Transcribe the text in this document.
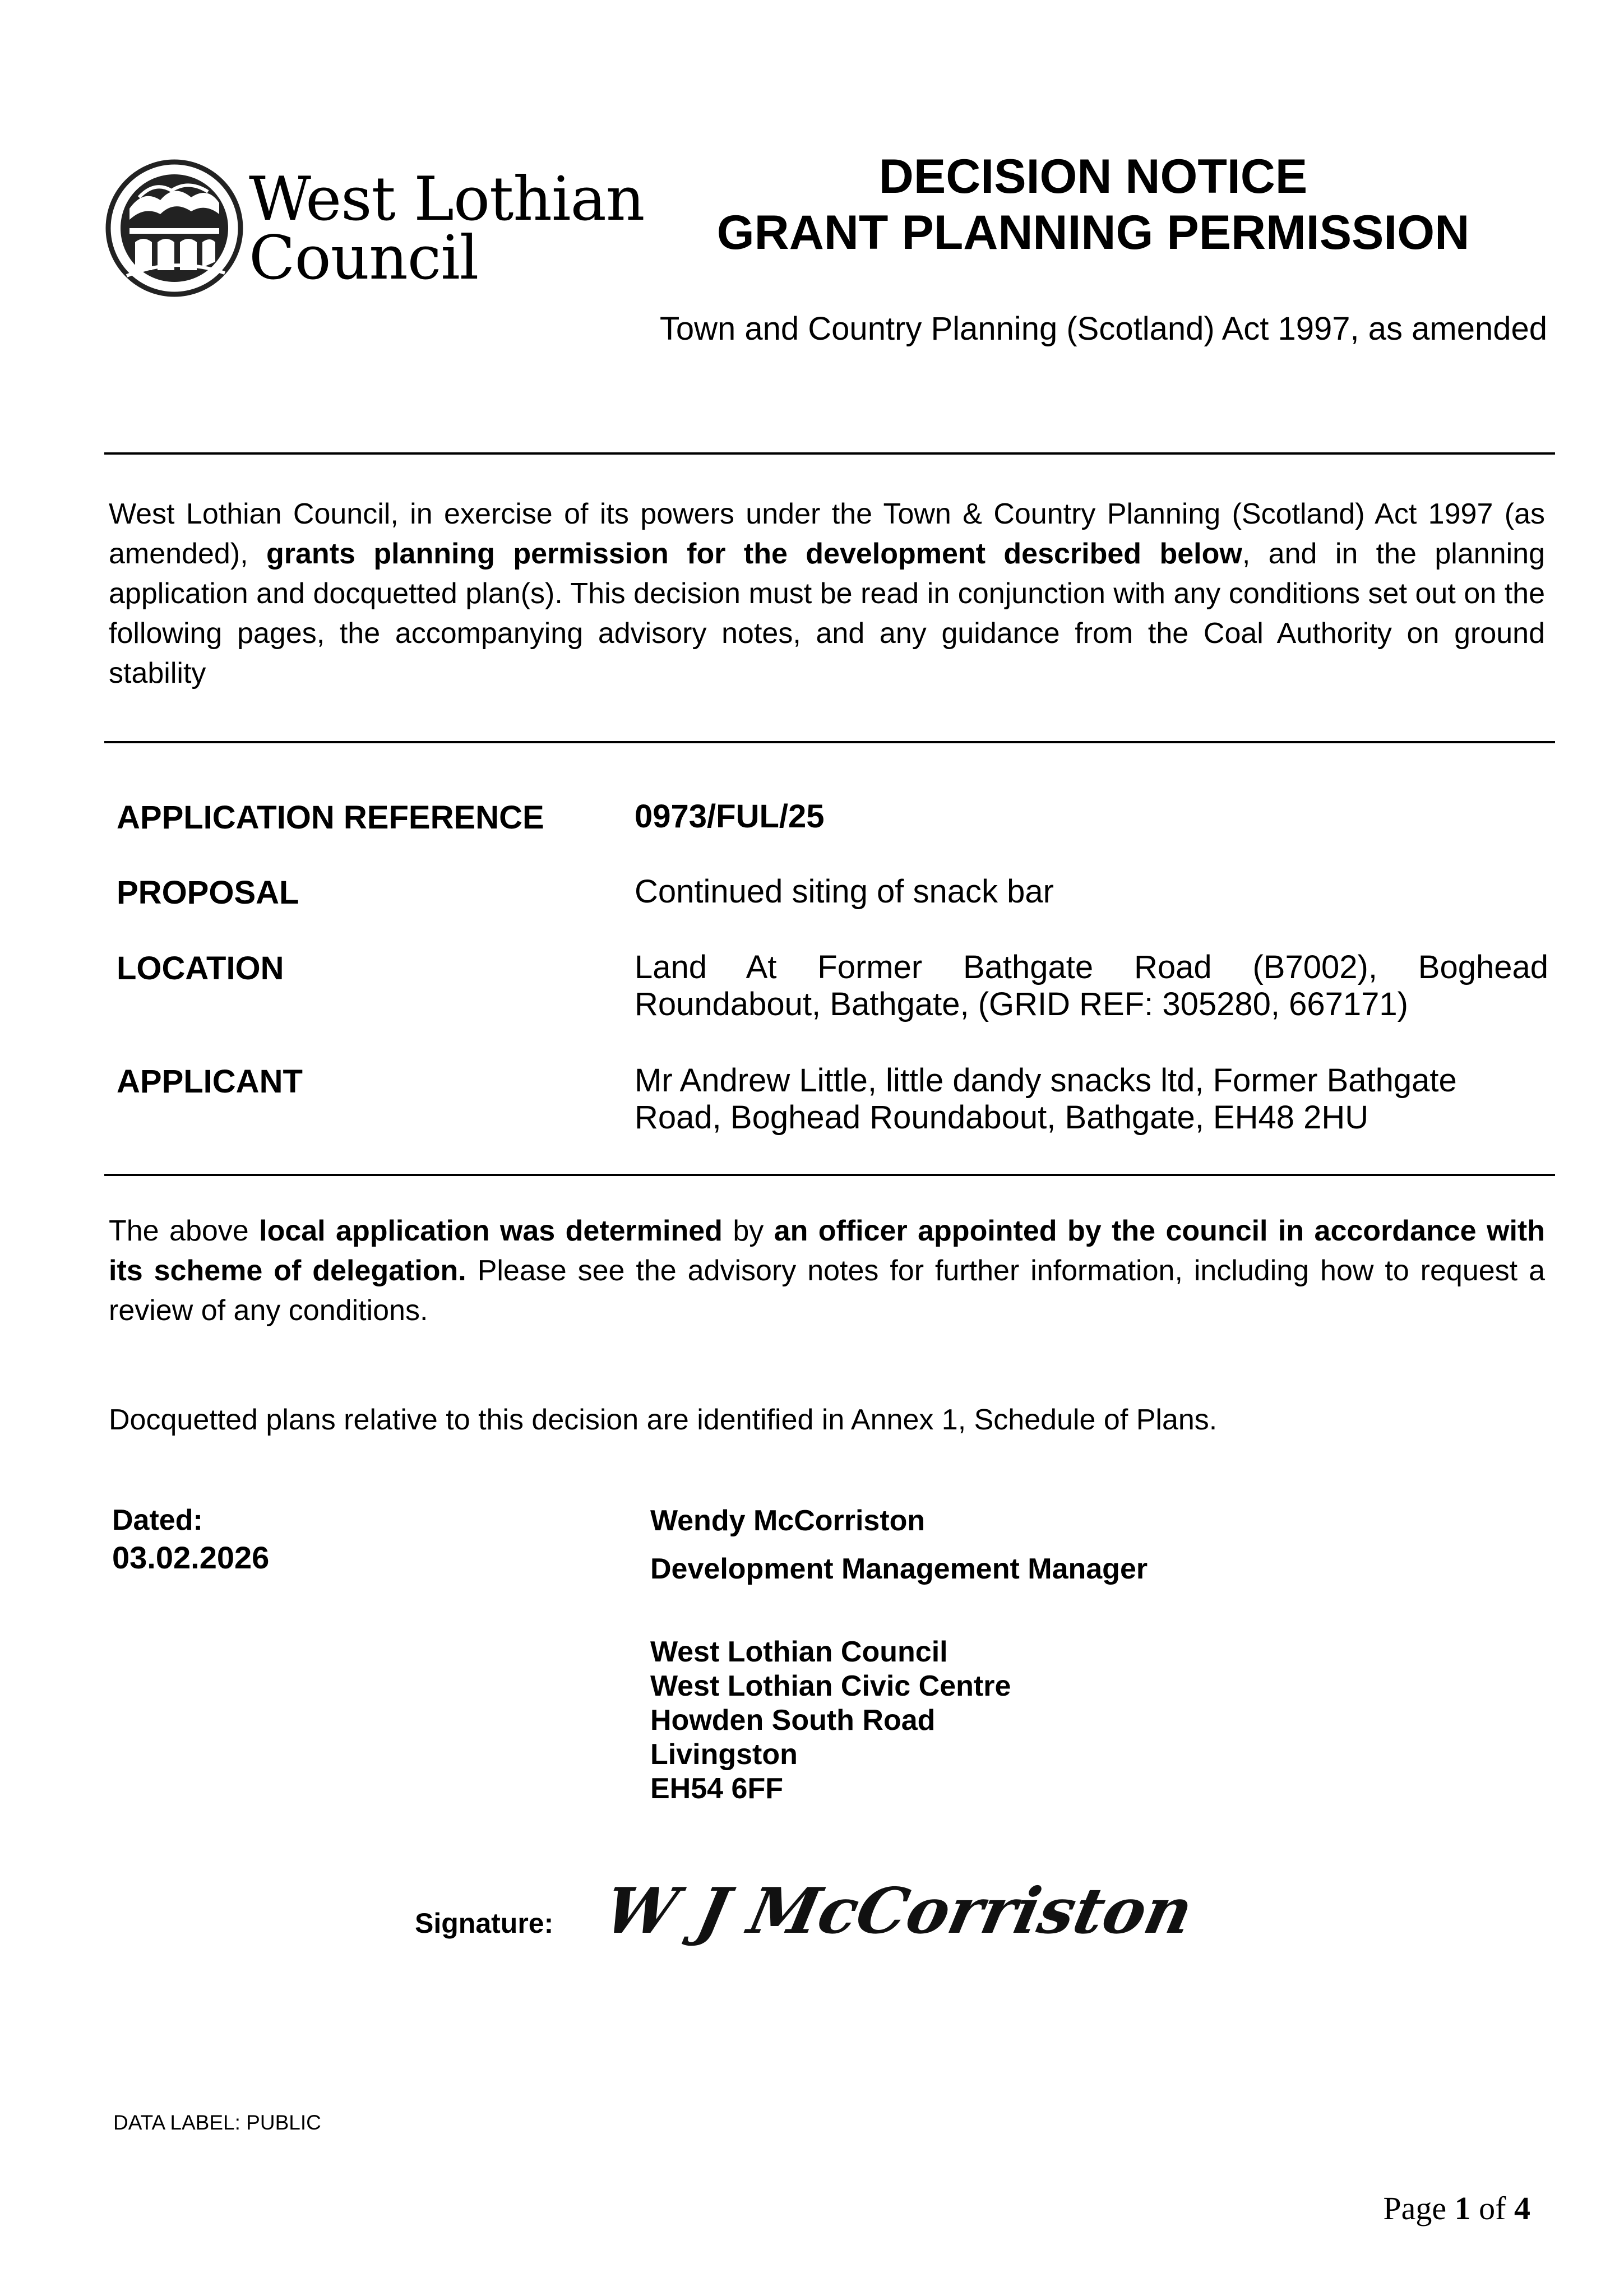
West Lothian
Council
DECISION NOTICE
GRANT PLANNING PERMISSION
Town and Country Planning (Scotland) Act 1997, as amended
West Lothian Council, in exercise of its powers under the Town & Country Planning (Scotland) Act 1997 (as amended), grants planning permission for the development described below, and in the planning application and docquetted plan(s). This decision must be read in conjunction with any conditions set out on the following pages, the accompanying advisory notes, and any guidance from the Coal Authority on ground stability
APPLICATION REFERENCE	0973/FUL/25
PROPOSAL	Continued siting of snack bar
LOCATION	Land At Former Bathgate Road (B7002), Boghead Roundabout, Bathgate, (GRID REF: 305280, 667171)
APPLICANT	Mr Andrew Little, little dandy snacks ltd, Former Bathgate
Road, Boghead Roundabout, Bathgate, EH48 2HU
The above local application was determined by an officer appointed by the council in accordance with its scheme of delegation. Please see the advisory notes for further information, including how to request a review of any conditions.
Docquetted plans relative to this decision are identified in Annex 1, Schedule of Plans.
Dated:
03.02.2026
Wendy McCorriston
Development Management Manager
West Lothian Council
West Lothian Civic Centre
Howden South Road
Livingston
EH54 6FF
Signature: W J McCorriston
DATA LABEL: PUBLIC
Page 1 of 4
